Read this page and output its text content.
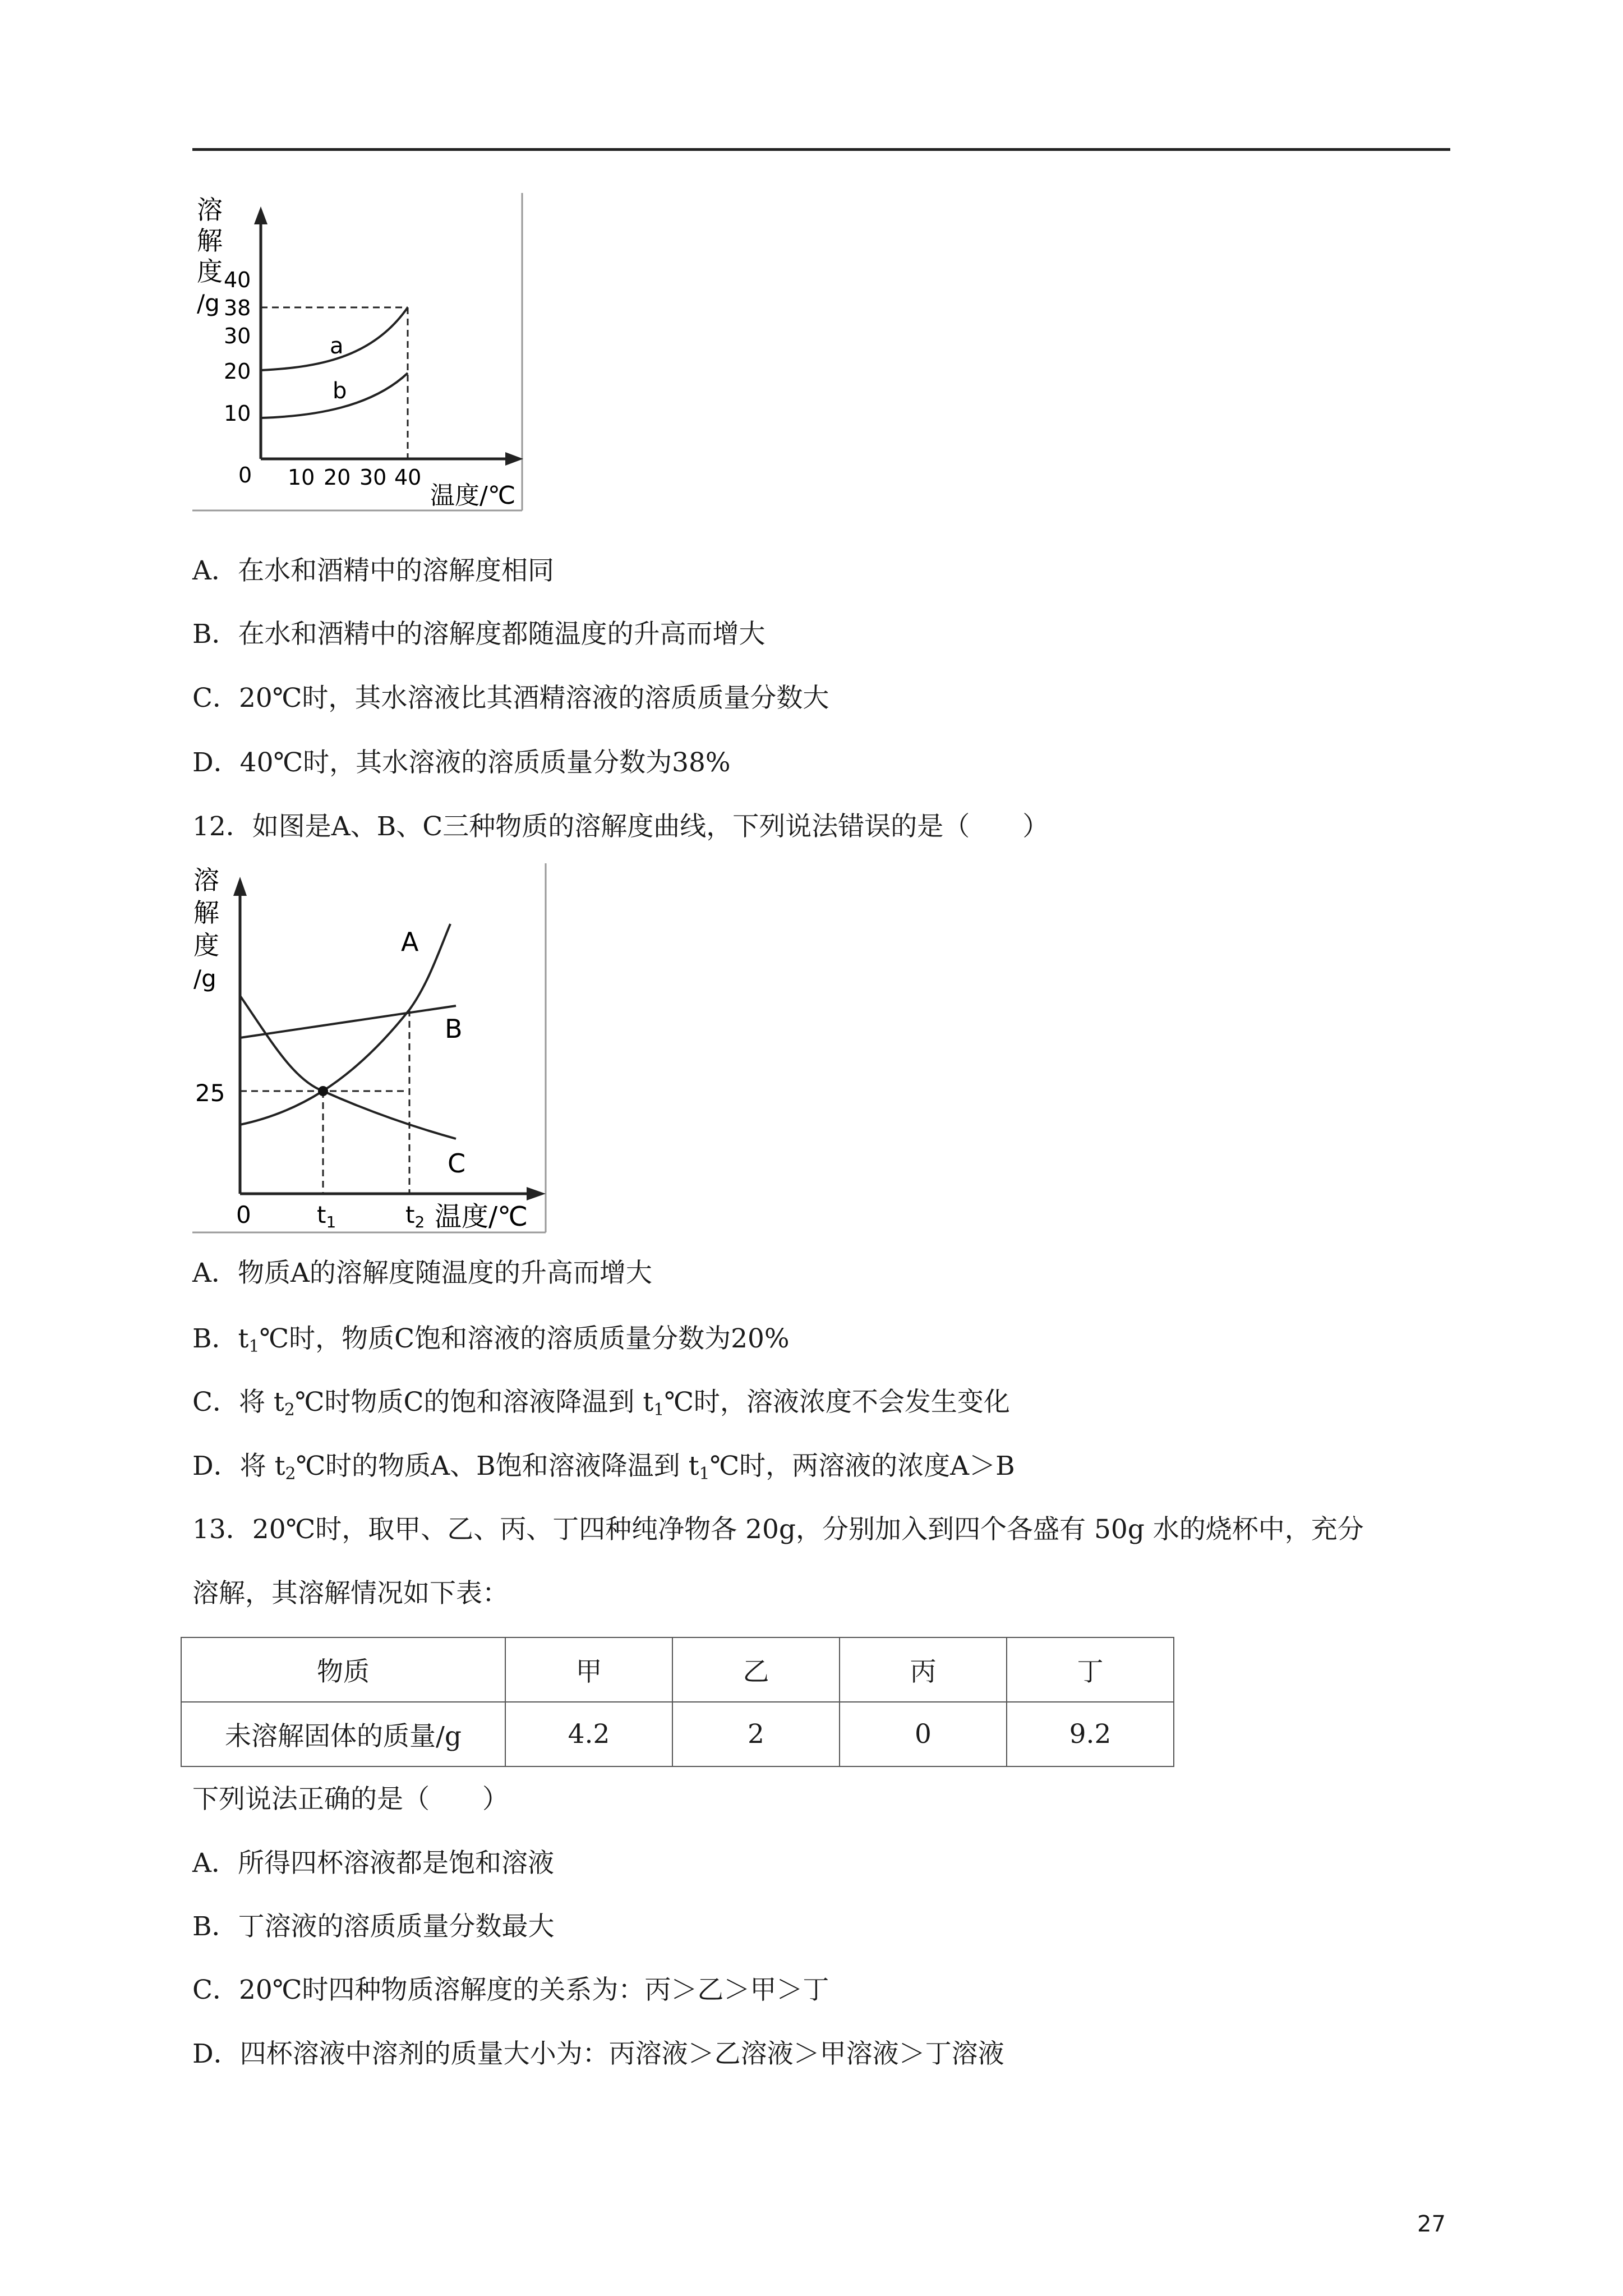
溶
解
度
/g
40
38
30
20
10
0 10 20 30 40
温度/℃
a
b
A．在水和酒精中的溶解度相同
B．在水和酒精中的溶解度都随温度的升高而增大
C．20℃时，其水溶液比其酒精溶液的溶质质量分数大
D．40℃时，其水溶液的溶质质量分数为38%
12．如图是A、B、C三种物质的溶解度曲线，下列说法错误的是（　　）
溶
解
度
/g
25
0	t1	t2 温度/℃
A
B
C
A．物质A的溶解度随温度的升高而增大
B．$t_1℃$时，物质C饱和溶液的溶质质量分数为20%
C．将 $t_2℃$时物质C的饱和溶液降温到 $t_1℃$时，溶液浓度不会发生变化
D．将 $t_2℃$时的物质A、B饱和溶液降温到 $t_1℃$时，两溶液的浓度A＞B
13．20℃时，取甲、乙、丙、丁四种纯净物各 20g，分别加入到四个各盛有 50g 水的烧杯中，充分
溶解，其溶解情况如下表：
物质	甲	乙	丙	丁
未溶解固体的质量/g	4.2	2	0	9.2
下列说法正确的是（　　）
A．所得四杯溶液都是饱和溶液
B．丁溶液的溶质质量分数最大
C．20℃时四种物质溶解度的关系为：丙＞乙＞甲＞丁
D．四杯溶液中溶剂的质量大小为：丙溶液＞乙溶液＞甲溶液＞丁溶液
27
